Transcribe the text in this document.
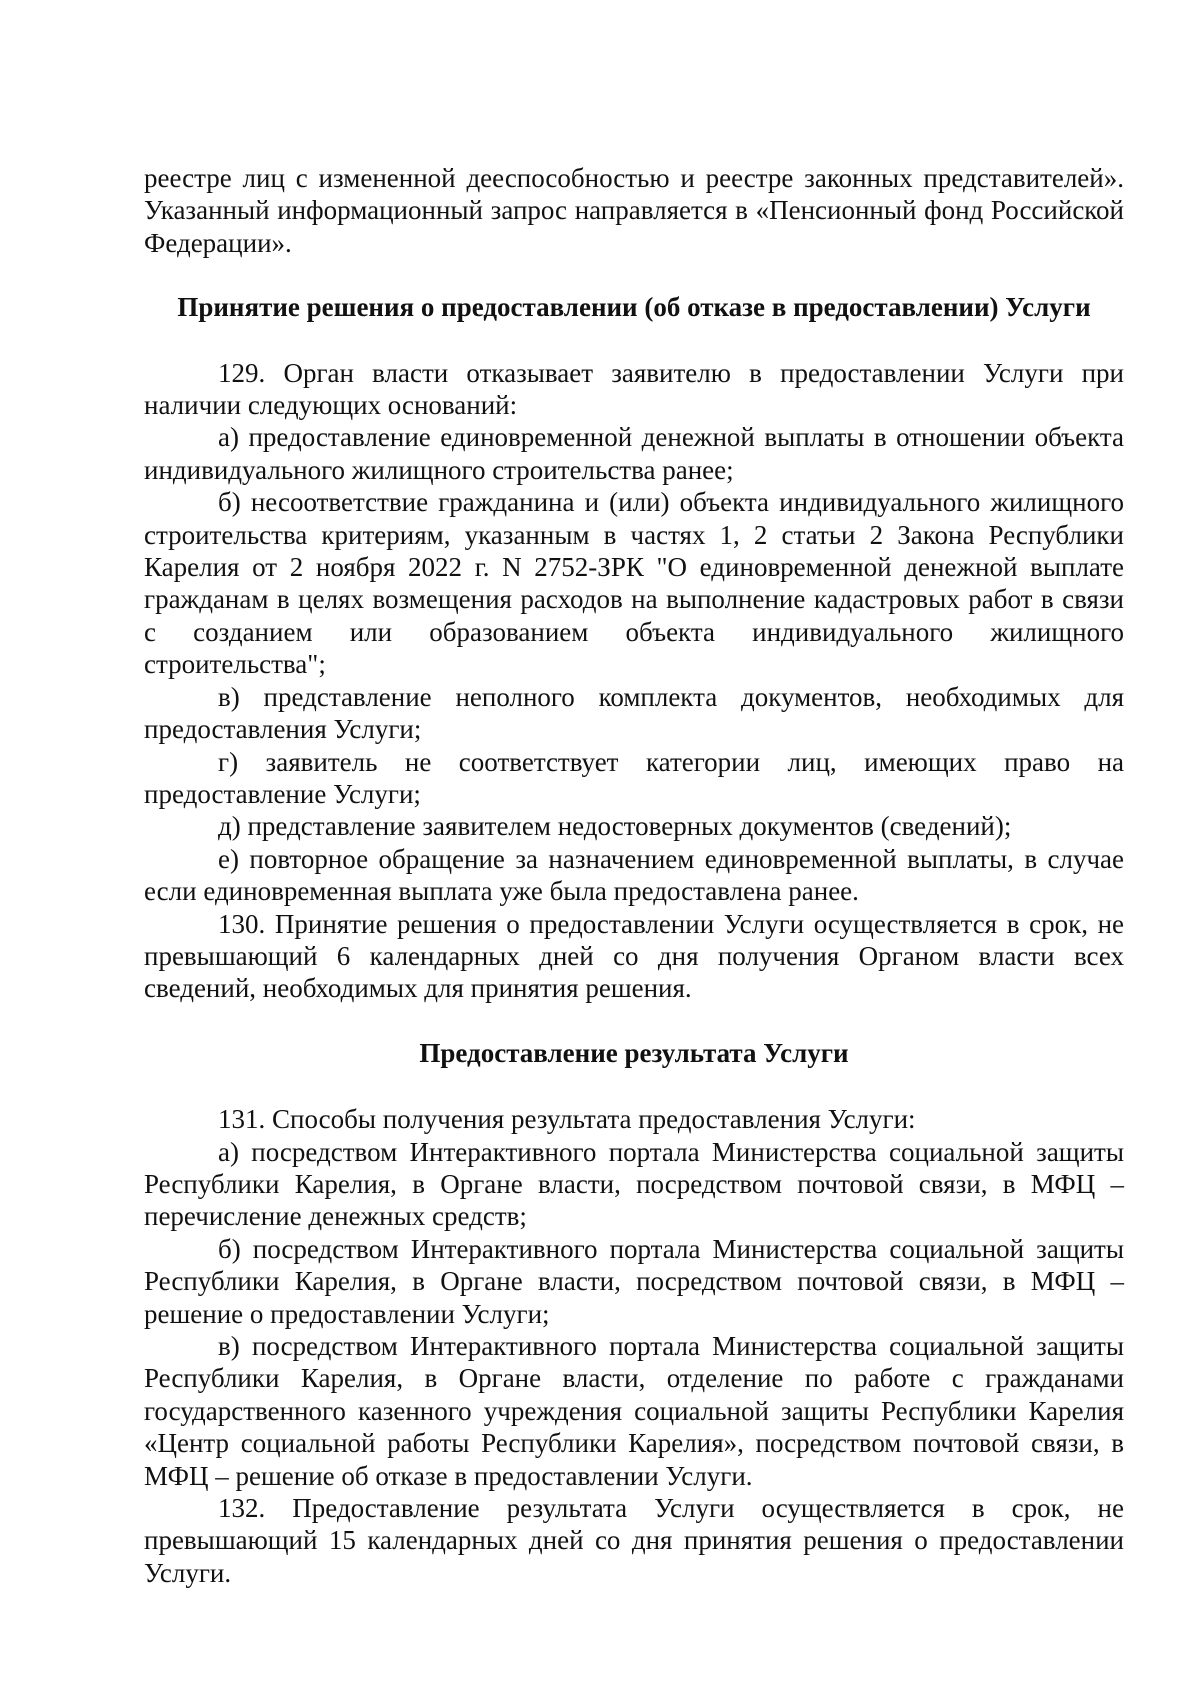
реестре лиц с измененной дееспособностью и реестре законных представителей». Указанный информационный запрос направляется в «Пенсионный фонд Российской Федерации».

Принятие решения о предоставлении (об отказе в предоставлении) Услуги

129. Орган власти отказывает заявителю в предоставлении Услуги при наличии следующих оснований:

а) предоставление единовременной денежной выплаты в отношении объекта индивидуального жилищного строительства ранее;

б) несоответствие гражданина и (или) объекта индивидуального жилищного строительства критериям, указанным в частях 1, 2 статьи 2 Закона Республики Карелия от 2 ноября 2022 г. N 2752-ЗРК "О единовременной денежной выплате гражданам в целях возмещения расходов на выполнение кадастровых работ в связи с созданием или образованием объекта индивидуального жилищного строительства";

в) представление неполного комплекта документов, необходимых для предоставления Услуги;

г) заявитель не соответствует категории лиц, имеющих право на предоставление Услуги;

д) представление заявителем недостоверных документов (сведений);

е) повторное обращение за назначением единовременной выплаты, в случае если единовременная выплата уже была предоставлена ранее.

130. Принятие решения о предоставлении Услуги осуществляется в срок, не превышающий 6 календарных дней со дня получения Органом власти всех сведений, необходимых для принятия решения.

Предоставление результата Услуги

131. Способы получения результата предоставления Услуги:

а) посредством Интерактивного портала Министерства социальной защиты Республики Карелия, в Органе власти, посредством почтовой связи, в МФЦ – перечисление денежных средств;

б) посредством Интерактивного портала Министерства социальной защиты Республики Карелия, в Органе власти, посредством почтовой связи, в МФЦ – решение о предоставлении Услуги;

в) посредством Интерактивного портала Министерства социальной защиты Республики Карелия, в Органе власти, отделение по работе с гражданами государственного казенного учреждения социальной защиты Республики Карелия «Центр социальной работы Республики Карелия», посредством почтовой связи, в МФЦ – решение об отказе в предоставлении Услуги.

132. Предоставление результата Услуги осуществляется в срок, не превышающий 15 календарных дней со дня принятия решения о предоставлении Услуги.
